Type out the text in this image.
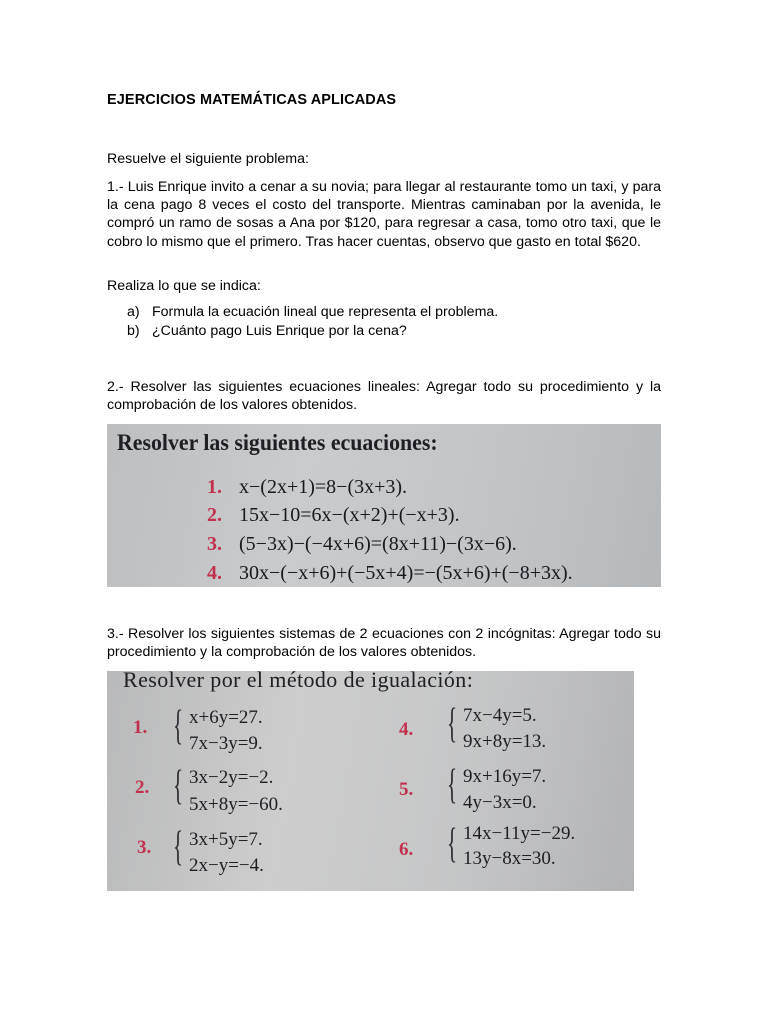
EJERCICIOS MATEMÁTICAS APLICADAS

Resuelve el siguiente problema:

1.- Luis Enrique invito a cenar a su novia; para llegar al restaurante tomo un taxi, y para la cena pago 8 veces el costo del transporte. Mientras caminaban por la avenida, le compró un ramo de sosas a Ana por $120, para regresar a casa, tomo otro taxi, que le cobro lo mismo que el primero. Tras hacer cuentas, observo que gasto en total $620.

Realiza lo que se indica:

a) Formula la ecuación lineal que representa el problema.
b) ¿Cuánto pago Luis Enrique por la cena?

2.- Resolver las siguientes ecuaciones lineales: Agregar todo su procedimiento y la comprobación de los valores obtenidos.

Resolver las siguientes ecuaciones:
1. x−(2x+1)=8−(3x+3).
2. 15x−10=6x−(x+2)+(−x+3).
3. (5−3x)−(−4x+6)=(8x+11)−(3x−6).
4. 30x−(−x+6)+(−5x+4)=−(5x+6)+(−8+3x).

3.- Resolver los siguientes sistemas de 2 ecuaciones con 2 incógnitas: Agregar todo su procedimiento y la comprobación de los valores obtenidos.

Resolver por el método de igualación:
1. { x+6y=27.
7x−3y=9.
2. { 3x−2y=−2.
5x+8y=−60.
3. { 3x+5y=7.
2x−y=−4.
4. { 7x−4y=5.
9x+8y=13.
5. { 9x+16y=7.
4y−3x=0.
6. { 14x−11y=−29.
13y−8x=30.
